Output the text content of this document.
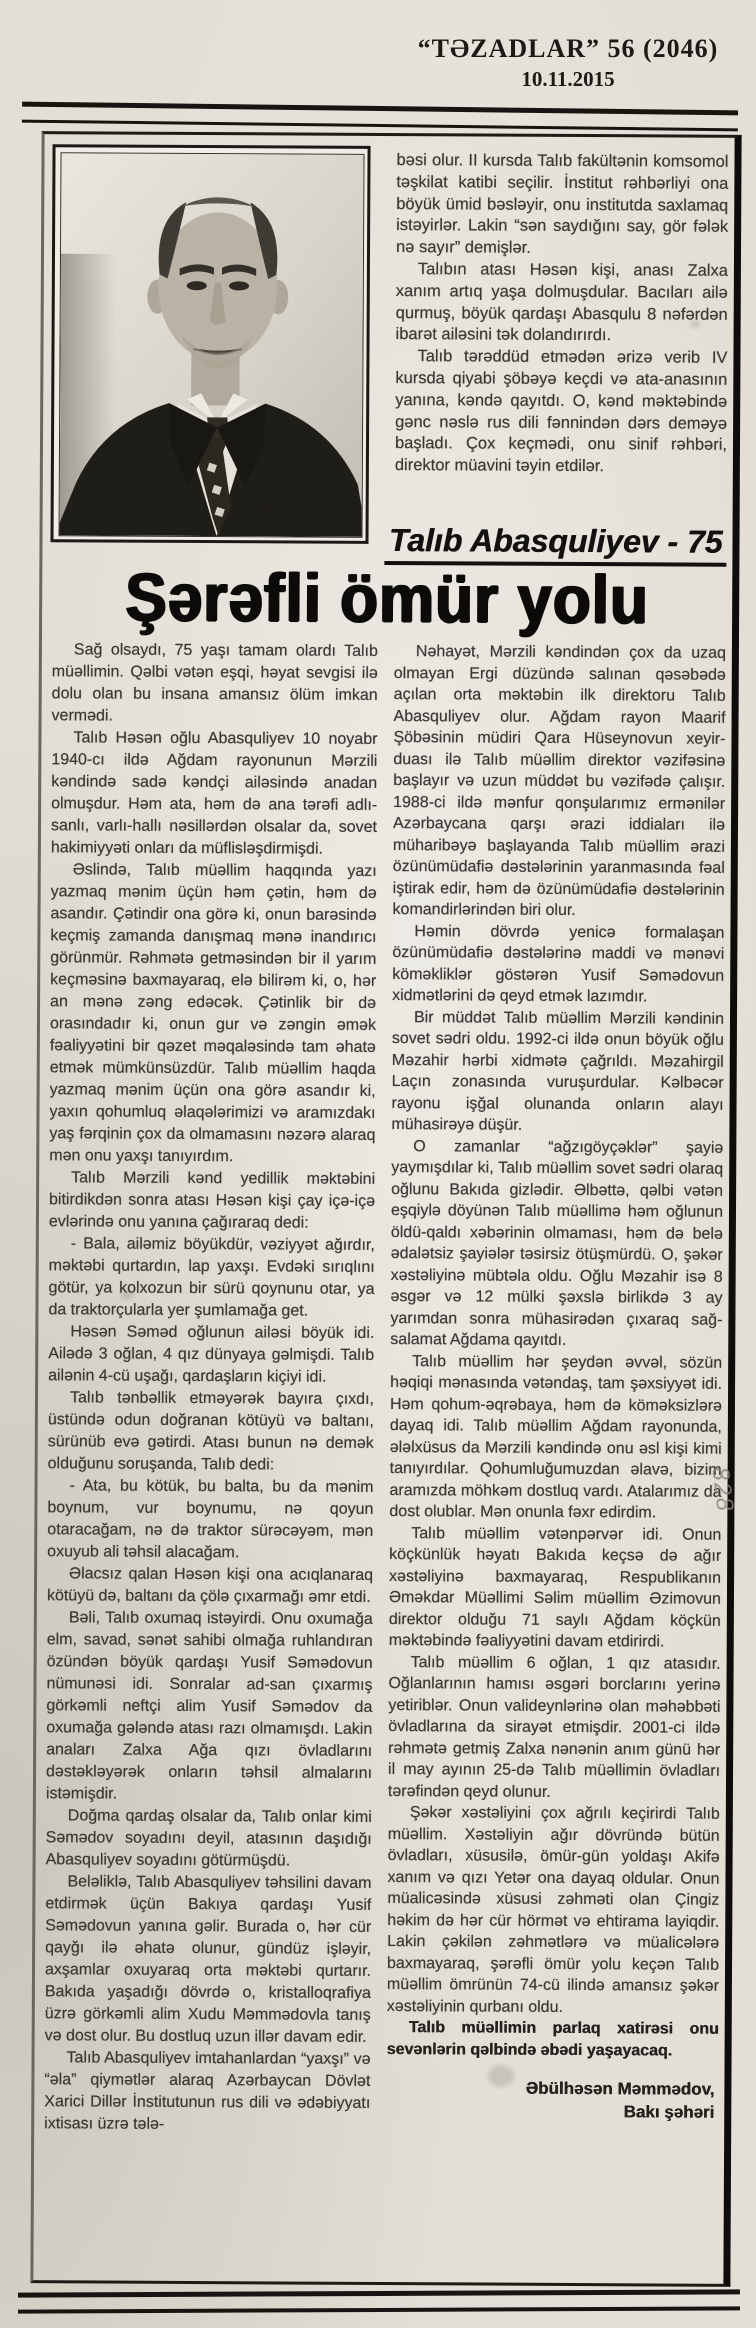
“TƏZADLAR” 56 (2046)
10.11.2015

bəsi olur. II kursda Talıb fakültənin komsomol təşkilat katibi seçilir. İnstitut rəhbərliyi ona böyük ümid bəsləyir, onu institutda saxlamaq istəyirlər. Lakin “sən saydığını say, gör fələk nə sayır” demişlər.

Talıbın atası Həsən kişi, anası Zalxa xanım artıq yaşa dolmuşdular. Bacıları ailə qurmuş, böyük qardaşı Abasqulu 8 nəfərdən ibarət ailəsini tək dolandırırdı.

Talıb tərəddüd etmədən ərizə verib IV kursda qiyabi şöbəyə keçdi və ata-anasının yanına, kəndə qayıtdı. O, kənd məktəbində gənc nəslə rus dili fənnindən dərs deməyə başladı. Çox keçmədi, onu sinif rəhbəri, direktor müavini təyin etdilər.

Talıb Abasquliyev - 75
Şərəfli ömür yolu

Sağ olsaydı, 75 yaşı tamam olardı Talıb müəllimin. Qəlbi vətən eşqi, həyat sevgisi ilə dolu olan bu insana amansız ölüm imkan vermədi.

Talıb Həsən oğlu Abasquliyev 10 noyabr 1940-cı ildə Ağdam rayonunun Mərzili kəndində sadə kəndçi ailəsində anadan olmuşdur. Həm ata, həm də ana tərəfi adlı-sanlı, varlı-hallı nəsillərdən olsalar da, sovet hakimiyyəti onları da müflisləşdirmişdi.

Əslində, Talıb müəllim haqqında yazı yazmaq mənim üçün həm çətin, həm də asandır. Çətindir ona görə ki, onun barəsində keçmiş zamanda danışmaq mənə inandırıcı görünmür. Rəhmətə getməsindən bir il yarım keçməsinə baxmayaraq, elə bilirəm ki, o, hər an mənə zəng edəcək. Çətinlik bir də orasındadır ki, onun gur və zəngin əmək fəaliyyətini bir qəzet məqaləsində tam əhatə etmək mümkünsüzdür. Talıb müəllim haqda yazmaq mənim üçün ona görə asandır ki, yaxın qohumluq əlaqələrimizi və aramızdakı yaş fərqinin çox da olmamasını nəzərə alaraq mən onu yaxşı tanıyırdım.

Talıb Mərzili kənd yedillik məktəbini bitirdikdən sonra atası Həsən kişi çay içə-içə evlərində onu yanına çağıraraq dedi:

- Bala, ailəmiz böyükdür, vəziyyət ağırdır, məktəbi qurtardın, lap yaxşı. Evdəki sırıqlını götür, ya kolxozun bir sürü qoynunu otar, ya da traktorçularla yer şumlamağa get.

Həsən Səməd oğlunun ailəsi böyük idi. Ailədə 3 oğlan, 4 qız dünyaya gəlmişdi. Talıb ailənin 4-cü uşağı, qardaşların kiçiyi idi.

Talıb tənbəllik etməyərək bayıra çıxdı, üstündə odun doğranan kötüyü və baltanı, sürünüb evə gətirdi. Atası bunun nə demək olduğunu soruşanda, Talıb dedi:

- Ata, bu kötük, bu balta, bu da mənim boynum, vur boynumu, nə qoyun otaracağam, nə də traktor sürəcəyəm, mən oxuyub ali təhsil alacağam.

Əlacsız qalan Həsən kişi ona acıqlanaraq kötüyü də, baltanı da çölə çıxarmağı əmr etdi.

Bəli, Talıb oxumaq istəyirdi. Onu oxumağa elm, savad, sənət sahibi olmağa ruhlandıran özündən böyük qardaşı Yusif Səmədovun nümunəsi idi. Sonralar ad-san çıxarmış görkəmli neftçi alim Yusif Səmədov da oxumağa gələndə atası razı olmamışdı. Lakin anaları Zalxa Ağa qızı övladlarını dəstəkləyərək onların təhsil almalarını istəmişdir.

Doğma qardaş olsalar da, Talıb onlar kimi Səmədov soyadını deyil, atasının daşıdığı Abasquliyev soyadını götürmüşdü.

Beləliklə, Talıb Abasquliyev təhsilini davam etdirmək üçün Bakıya qardaşı Yusif Səmədovun yanına gəlir. Burada o, hər cür qayğı ilə əhatə olunur, gündüz işləyir, axşamlar oxuyaraq orta məktəbi qurtarır. Bakıda yaşadığı dövrdə o, kristalloqrafiya üzrə görkəmli alim Xudu Məmmədovla tanış və dost olur. Bu dostluq uzun illər davam edir.

Talıb Abasquliyev imtahanlardan “yaxşı” və “əla” qiymətlər alaraq Azərbaycan Dövlət Xarici Dillər İnstitutunun rus dili və ədəbiyyatı ixtisası üzrə tələ-

Nəhayət, Mərzili kəndindən çox da uzaq olmayan Ergi düzündə salınan qəsəbədə açılan orta məktəbin ilk direktoru Talıb Abasquliyev olur. Ağdam rayon Maarif Şöbəsinin müdiri Qara Hüseynovun xeyir-duası ilə Talıb müəllim direktor vəzifəsinə başlayır və uzun müddət bu vəzifədə çalışır. 1988-ci ildə mənfur qonşularımız ermənilər Azərbaycana qarşı ərazi iddiaları ilə müharibəyə başlayanda Talıb müəllim ərazi özünümüdafiə dəstələrinin yaranmasında fəal iştirak edir, həm də özünümüdafiə dəstələrinin komandirlərindən biri olur.

Həmin dövrdə yenicə formalaşan özünümüdafiə dəstələrinə maddi və mənəvi köməkliklər göstərən Yusif Səmədovun xidmətlərini də qeyd etmək lazımdır.

Bir müddət Talıb müəllim Mərzili kəndinin sovet sədri oldu. 1992-ci ildə onun böyük oğlu Məzahir hərbi xidmətə çağrıldı. Məzahirgil Laçın zonasında vuruşurdular. Kəlbəcər rayonu işğal olunanda onların alayı mühasirəyə düşür.

O zamanlar “ağzıgöyçəklər” şayiə yaymışdılar ki, Talıb müəllim sovet sədri olaraq oğlunu Bakıda gizlədir. Əlbəttə, qəlbi vətən eşqiylə döyünən Talıb müəllimə həm oğlunun öldü-qaldı xəbərinin olmaması, həm də belə ədalətsiz şayiələr təsirsiz ötüşmürdü. O, şəkər xəstəliyinə mübtəla oldu. Oğlu Məzahir isə 8 əsgər və 12 mülki şəxslə birlikdə 3 ay yarımdan sonra mühasirədən çıxaraq sağ-salamat Ağdama qayıtdı.

Talıb müəllim hər şeydən əvvəl, sözün həqiqi mənasında vətəndaş, tam şəxsiyyət idi. Həm qohum-əqrəbaya, həm də köməksizlərə dayaq idi. Talıb müəllim Ağdam rayonunda, ələlxüsus da Mərzili kəndində onu əsl kişi kimi tanıyırdılar. Qohumluğumuzdan əlavə, bizim aramızda möhkəm dostluq vardı. Atalarımız da dost olublar. Mən onunla fəxr edirdim.

Talıb müəllim vətənpərvər idi. Onun köçkünlük həyatı Bakıda keçsə də ağır xəstəliyinə baxmayaraq, Respublikanın Əməkdar Müəllimi Səlim müəllim Əzimovun direktor olduğu 71 saylı Ağdam köçkün məktəbində fəaliyyətini davam etdirirdi.

Talıb müəllim 6 oğlan, 1 qız atasıdır. Oğlanlarının hamısı əsgəri borclarını yerinə yetiriblər. Onun valideynlərinə olan məhəbbəti övladlarına da sirayət etmişdir. 2001-ci ildə rəhmətə getmiş Zalxa nənənin anım günü hər il may ayının 25-də Talıb müəllimin övladları tərəfindən qeyd olunur.

Şəkər xəstəliyini çox ağrılı keçirirdi Talıb müəllim. Xəstəliyin ağır dövründə bütün övladları, xüsusilə, ömür-gün yoldaşı Akifə xanım və qızı Yetər ona dayaq oldular. Onun müalicəsində xüsusi zəhməti olan Çingiz həkim də hər cür hörmət və ehtirama layiqdir. Lakin çəkilən zəhmətlərə və müalicələrə baxmayaraq, şərəfli ömür yolu keçən Talıb müəllim ömrünün 74-cü ilində amansız şəkər xəstəliyinin qurbanı oldu.

Talıb müəllimin parlaq xatirəsi onu sevənlərin qəlbində əbədi yaşayacaq.

Əbülhəsən Məmmədov,
Bakı şəhəri
828
